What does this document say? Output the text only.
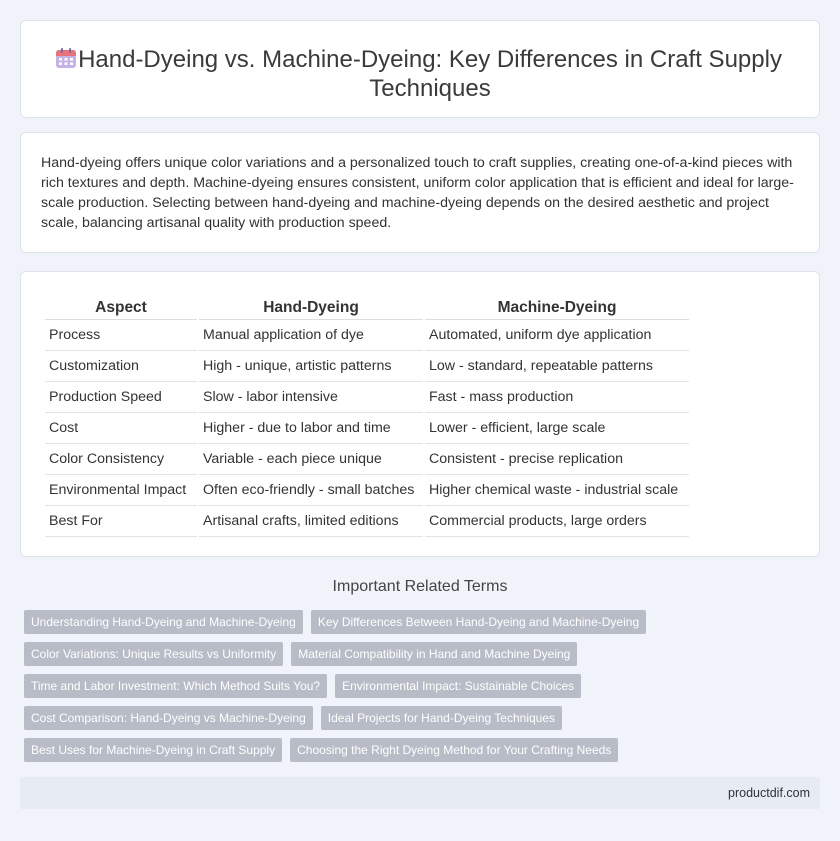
Hand-Dyeing vs. Machine-Dyeing: Key Differences in Craft Supply Techniques

Hand-dyeing offers unique color variations and a personalized touch to craft supplies, creating one-of-a-kind pieces with rich textures and depth. Machine-dyeing ensures consistent, uniform color application that is efficient and ideal for large-scale production. Selecting between hand-dyeing and machine-dyeing depends on the desired aesthetic and project scale, balancing artisanal quality with production speed.

Aspect	Hand-Dyeing	Machine-Dyeing
Process	Manual application of dye	Automated, uniform dye application
Customization	High - unique, artistic patterns	Low - standard, repeatable patterns
Production Speed	Slow - labor intensive	Fast - mass production
Cost	Higher - due to labor and time	Lower - efficient, large scale
Color Consistency	Variable - each piece unique	Consistent - precise replication
Environmental Impact	Often eco-friendly - small batches	Higher chemical waste - industrial scale
Best For	Artisanal crafts, limited editions	Commercial products, large orders
Important Related Terms
Understanding Hand-Dyeing and Machine-Dyeing	Key Differences Between Hand-Dyeing and Machine-Dyeing
Color Variations: Unique Results vs Uniformity	Material Compatibility in Hand and Machine Dyeing
Time and Labor Investment: Which Method Suits You?	Environmental Impact: Sustainable Choices
Cost Comparison: Hand-Dyeing vs Machine-Dyeing	Ideal Projects for Hand-Dyeing Techniques
Best Uses for Machine-Dyeing in Craft Supply	Choosing the Right Dyeing Method for Your Crafting Needs
productdif.com
